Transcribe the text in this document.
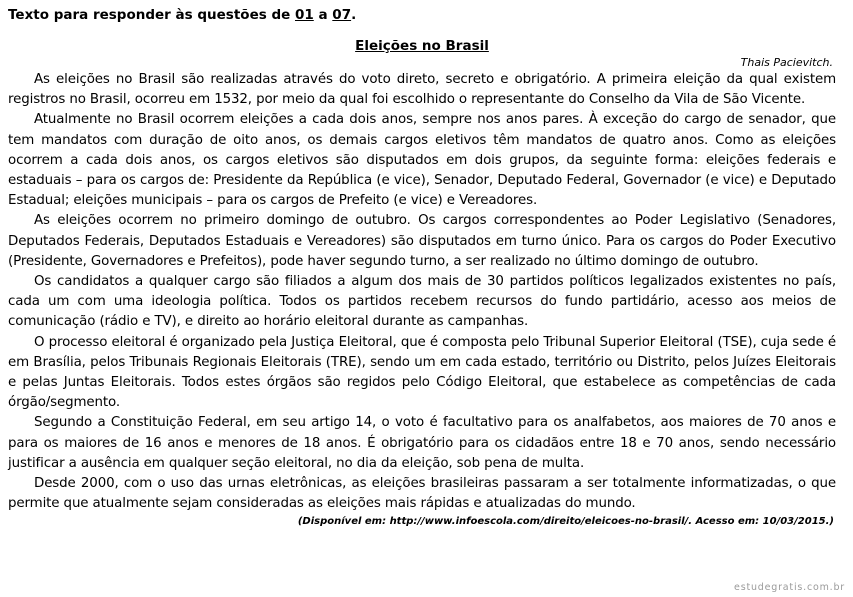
Texto para responder às questões de 01 a 07.
Eleições no Brasil
Thais Pacievitch.

As eleições no Brasil são realizadas através do voto direto, secreto e obrigatório. A primeira eleição da qual existem registros no Brasil, ocorreu em 1532, por meio da qual foi escolhido o representante do Conselho da Vila de São Vicente.

Atualmente no Brasil ocorrem eleições a cada dois anos, sempre nos anos pares. À exceção do cargo de senador, que tem mandatos com duração de oito anos, os demais cargos eletivos têm mandatos de quatro anos. Como as eleições ocorrem a cada dois anos, os cargos eletivos são disputados em dois grupos, da seguinte forma: eleições federais e estaduais – para os cargos de: Presidente da República (e vice), Senador, Deputado Federal, Governador (e vice) e Deputado Estadual; eleições municipais – para os cargos de Prefeito (e vice) e Vereadores.

As eleições ocorrem no primeiro domingo de outubro. Os cargos correspondentes ao Poder Legislativo (Senadores, Deputados Federais, Deputados Estaduais e Vereadores) são disputados em turno único. Para os cargos do Poder Executivo (Presidente, Governadores e Prefeitos), pode haver segundo turno, a ser realizado no último domingo de outubro.

Os candidatos a qualquer cargo são filiados a algum dos mais de 30 partidos políticos legalizados existentes no país, cada um com uma ideologia política. Todos os partidos recebem recursos do fundo partidário, acesso aos meios de comunicação (rádio e TV), e direito ao horário eleitoral durante as campanhas.

O processo eleitoral é organizado pela Justiça Eleitoral, que é composta pelo Tribunal Superior Eleitoral (TSE), cuja sede é em Brasília, pelos Tribunais Regionais Eleitorais (TRE), sendo um em cada estado, território ou Distrito, pelos Juízes Eleitorais e pelas Juntas Eleitorais. Todos estes órgãos são regidos pelo Código Eleitoral, que estabelece as competências de cada órgão/segmento.

Segundo a Constituição Federal, em seu artigo 14, o voto é facultativo para os analfabetos, aos maiores de 70 anos e para os maiores de 16 anos e menores de 18 anos. É obrigatório para os cidadãos entre 18 e 70 anos, sendo necessário justificar a ausência em qualquer seção eleitoral, no dia da eleição, sob pena de multa.

Desde 2000, com o uso das urnas eletrônicas, as eleições brasileiras passaram a ser totalmente informatizadas, o que permite que atualmente sejam consideradas as eleições mais rápidas e atualizadas do mundo.

(Disponível em: http://www.infoescola.com/direito/eleicoes-no-brasil/. Acesso em: 10/03/2015.)
estudegratis.com.br
